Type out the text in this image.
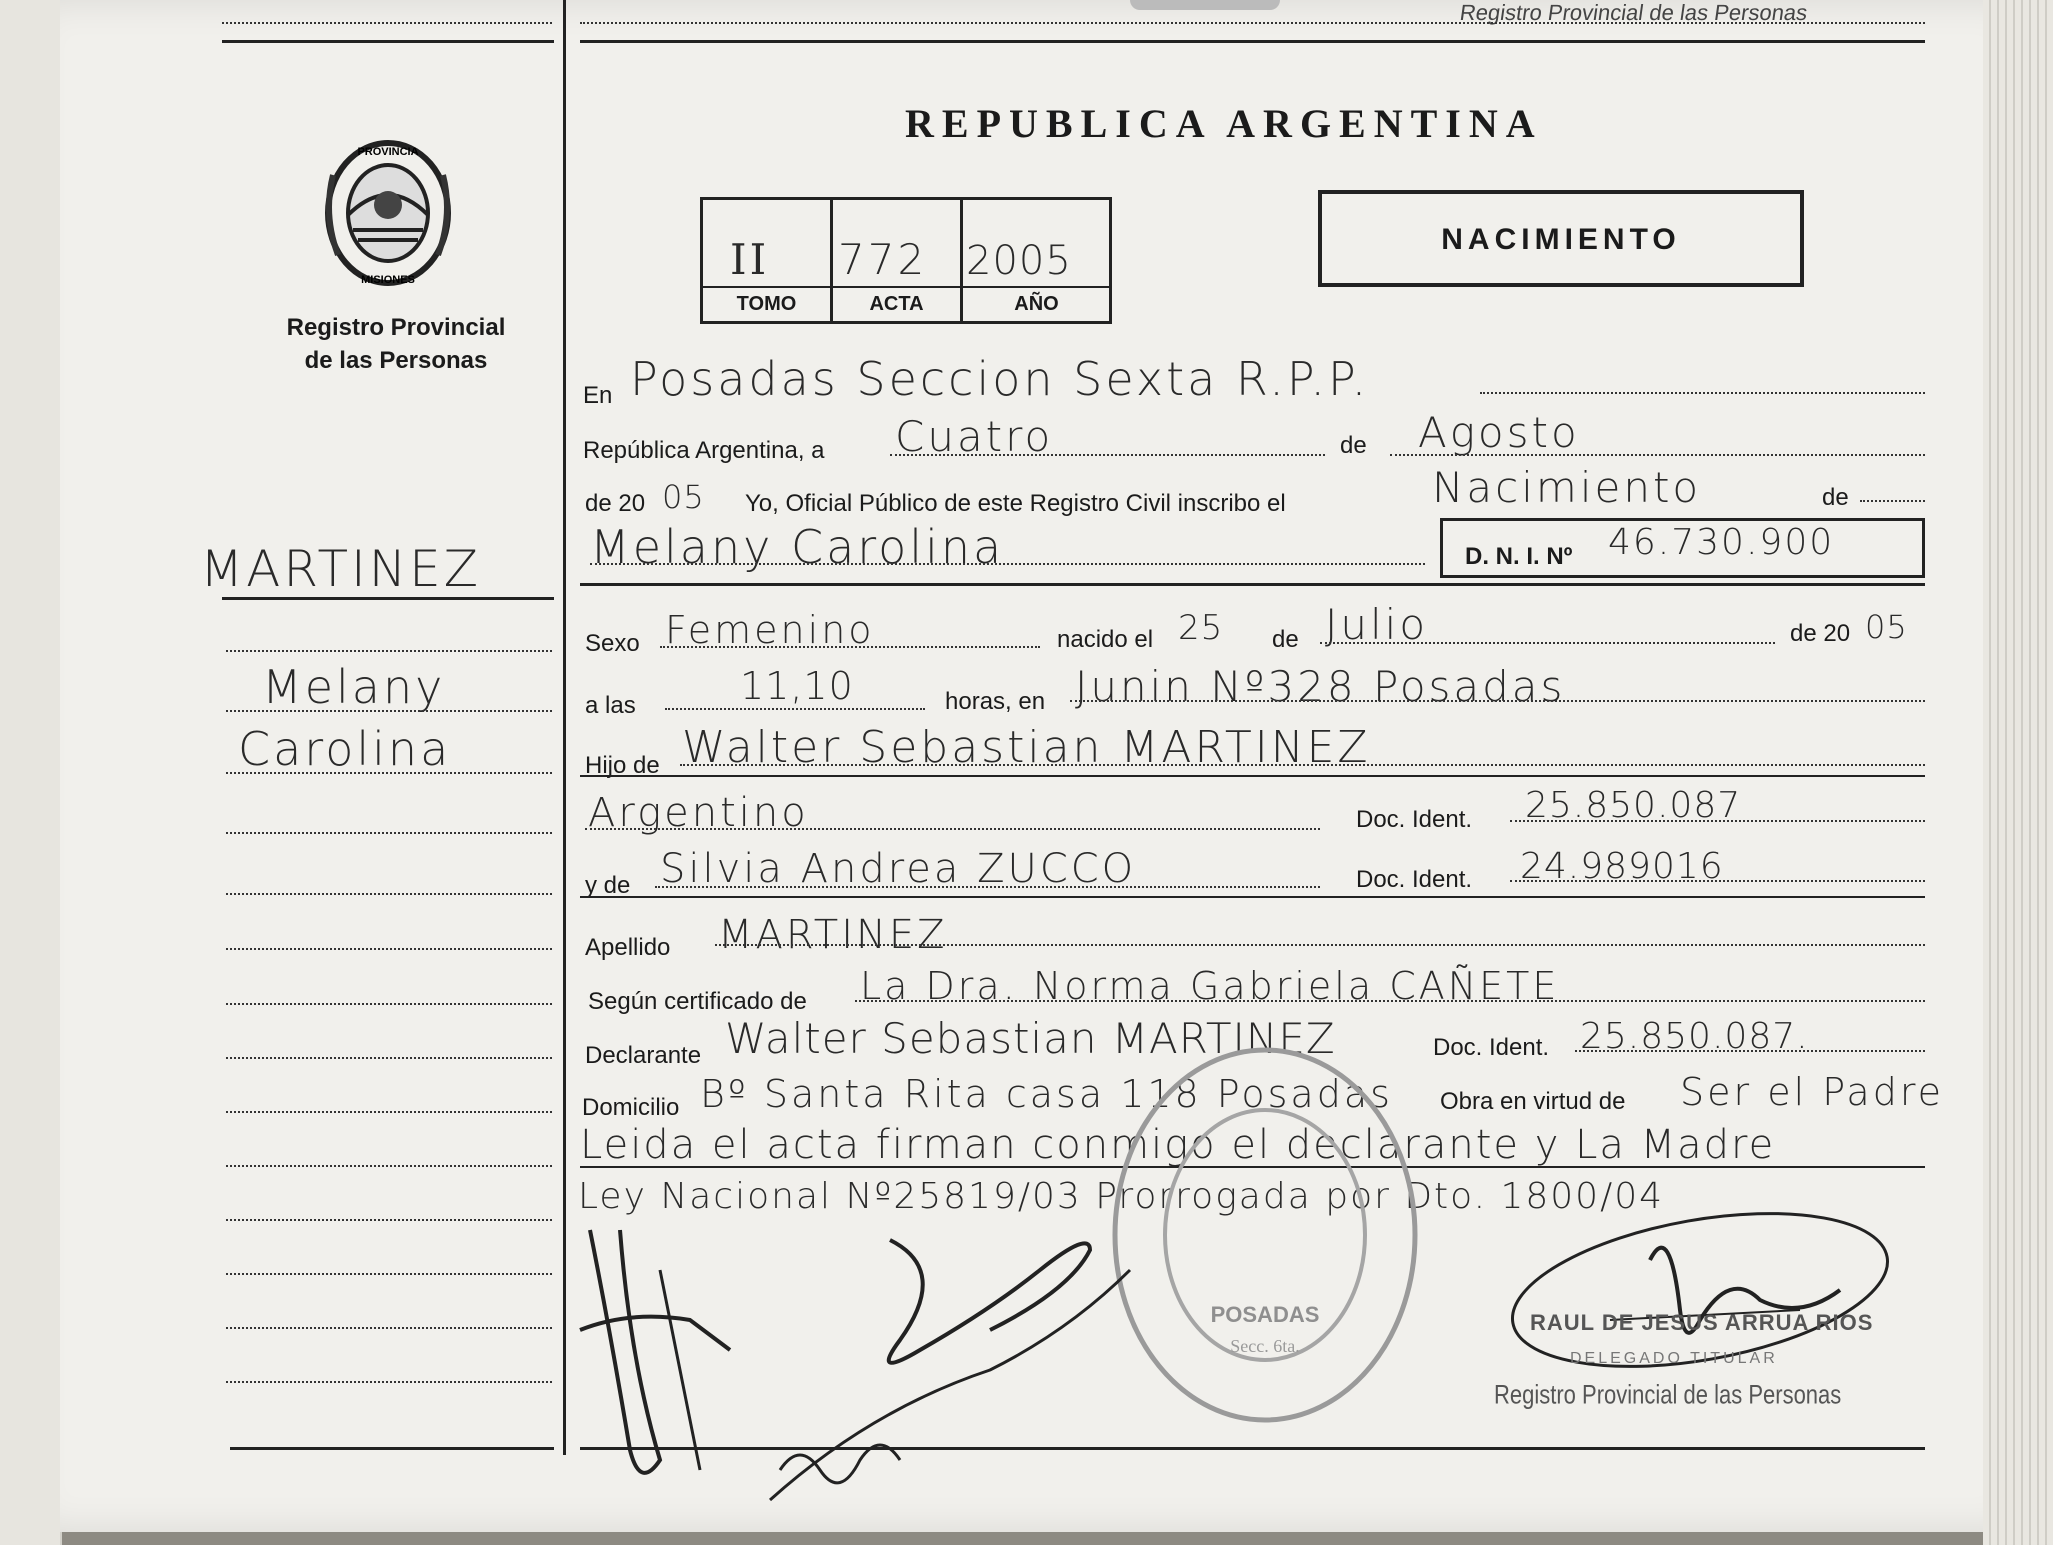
Registro Provincial de las Personas
PROVINCIA
MISIONES
Registro Provincial
de las Personas
MARTINEZ
Melany
Carolina
REPUBLICA ARGENTINA
II 772 2005
TOMO	ACTA	AÑO
NACIMIENTO
En Posadas Seccion Sexta R.P.P.
República Argentina, a Cuatro	de Agosto
de 20 05 Yo, Oficial Público de este Registro Civil inscribo el	Nacimiento	de
Melany Carolina	D. N. I. Nº 46.730.900
Sexo Femenino	nacido el 25 de Julio	de 20 05
a las	11,10	horas, en Junin Nº328 Posadas
Hijo de Walter Sebastian MARTINEZ
Argentino	Doc. Ident. 25.850.087
y de Silvia Andrea ZUCCO	Doc. Ident. 24.989016
Apellido MARTINEZ
Según certificado de La Dra. Norma Gabriela CAÑETE
Declarante Walter Sebastian MARTINEZ	Doc. Ident. 25.850.087.
Domicilio Bº Santa Rita casa 118 Posadas Obra en virtud de Ser el Padre
Leida el acta firman conmigo el declarante y La Madre
Ley Nacional Nº25819/03 Prorrogada por Dto. 1800/04
POSADAS
Secc. 6ta.
RAUL DE JESUS ARRUA RIOS
DELEGADO TITULAR
Registro Provincial de las Personas
